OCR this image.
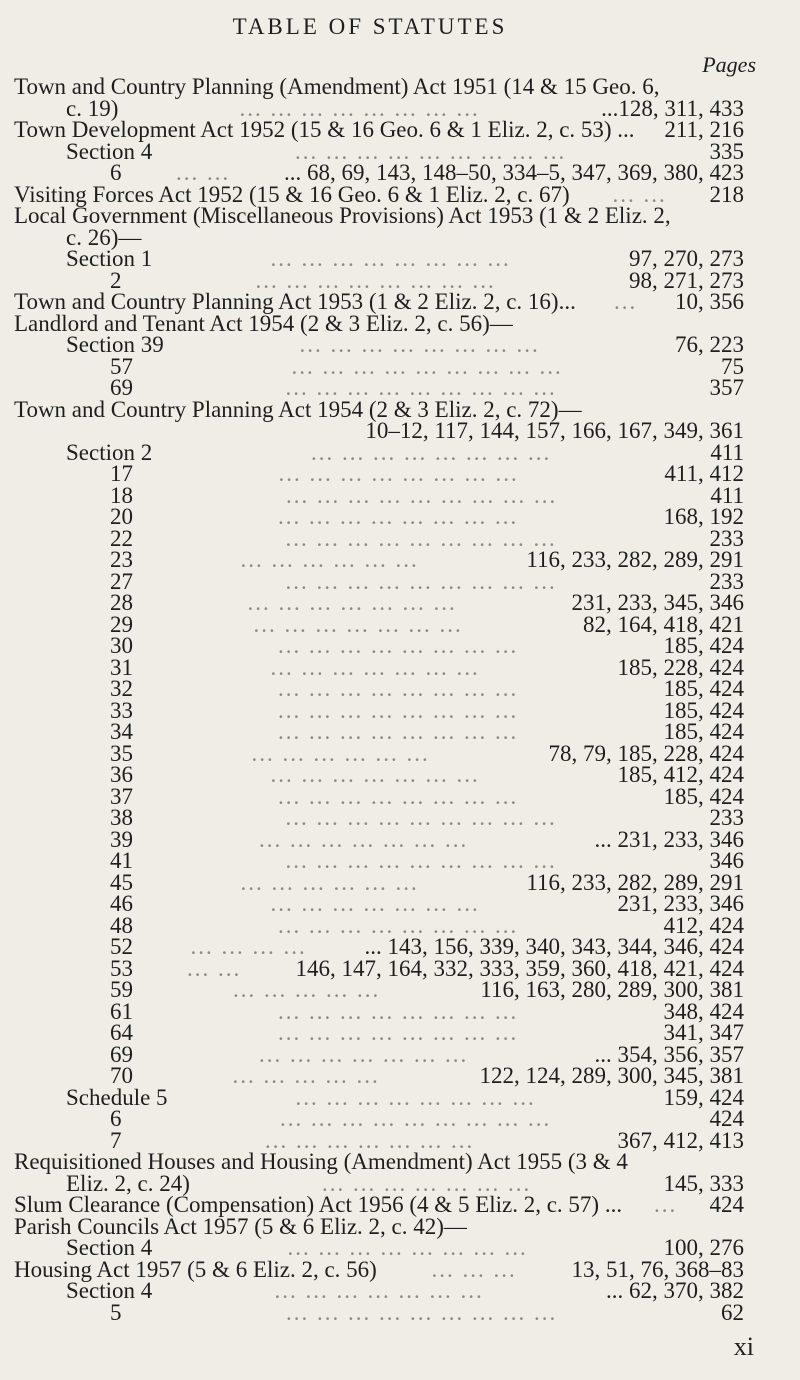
TABLE OF STATUTES
Pages
Town and Country Planning (Amendment) Act 1951 (14 & 15 Geo. 6,
c. 19)	... ... ... ... ... ... ... ...	...128, 311, 433
Town Development Act 1952 (15 & 16 Geo. 6 & 1 Eliz. 2, c. 53) ... 211, 216
Section 4	... ... ... ... ... ... ... ... ...	335
6 ... ... ... 68, 69, 143, 148–50, 334–5, 347, 369, 380, 423
Visiting Forces Act 1952 (15 & 16 Geo. 6 & 1 Eliz. 2, c. 67) ... ... 218
Local Government (Miscellaneous Provisions) Act 1953 (1 & 2 Eliz. 2,
c. 26)—
Section 1	... ... ... ... ... ... ... ...	97, 270, 273
2	... ... ... ... ... ... ... ...	98, 271, 273
Town and Country Planning Act 1953 (1 & 2 Eliz. 2, c. 16)... ... 10, 356
Landlord and Tenant Act 1954 (2 & 3 Eliz. 2, c. 56)—
Section 39	... ... ... ... ... ... ... ...	76, 223
57	... ... ... ... ... ... ... ... ...	75
69	... ... ... ... ... ... ... ... ...	357
Town and Country Planning Act 1954 (2 & 3 Eliz. 2, c. 72)—
10–12, 117, 144, 157, 166, 167, 349, 361
Section 2	... ... ... ... ... ... ... ...	411
17	... ... ... ... ... ... ... ...	411, 412
18	... ... ... ... ... ... ... ... ...	411
20	... ... ... ... ... ... ... ...	168, 192
22	... ... ... ... ... ... ... ... ...	233
23	... ... ... ... ... ...	116, 233, 282, 289, 291
27	... ... ... ... ... ... ... ... ...	233
28	... ... ... ... ... ... ...	231, 233, 345, 346
29	... ... ... ... ... ... ...	82, 164, 418, 421
30	... ... ... ... ... ... ... ...	185, 424
31	... ... ... ... ... ... ...	185, 228, 424
32	... ... ... ... ... ... ... ...	185, 424
33	... ... ... ... ... ... ... ...	185, 424
34	... ... ... ... ... ... ... ...	185, 424
35	... ... ... ... ... ...	78, 79, 185, 228, 424
36	... ... ... ... ... ... ...	185, 412, 424
37	... ... ... ... ... ... ... ...	185, 424
38	... ... ... ... ... ... ... ... ...	233
39	... ... ... ... ... ... ...	... 231, 233, 346
41	... ... ... ... ... ... ... ... ...	346
45	... ... ... ... ... ...	116, 233, 282, 289, 291
46	... ... ... ... ... ... ...	231, 233, 346
48	... ... ... ... ... ... ... ...	412, 424
52	... ... ... ...	... 143, 156, 339, 340, 343, 344, 346, 424
53 ... ... 146, 147, 164, 332, 333, 359, 360, 418, 421, 424
59	... ... ... ... ...	116, 163, 280, 289, 300, 381
61	... ... ... ... ... ... ... ...	348, 424
64	... ... ... ... ... ... ... ...	341, 347
69	... ... ... ... ... ... ...	... 354, 356, 357
70	... ... ... ... ...	122, 124, 289, 300, 345, 381
Schedule 5	... ... ... ... ... ... ... ...	159, 424
6	... ... ... ... ... ... ... ... ...	424
7	... ... ... ... ... ... ...	367, 412, 413
Requisitioned Houses and Housing (Amendment) Act 1955 (3 & 4
Eliz. 2, c. 24)	... ... ... ... ... ... ...	145, 333
Slum Clearance (Compensation) Act 1956 (4 & 5 Eliz. 2, c. 57) ... ... 424
Parish Councils Act 1957 (5 & 6 Eliz. 2, c. 42)—
Section 4	... ... ... ... ... ... ... ...	100, 276
Housing Act 1957 (5 & 6 Eliz. 2, c. 56) ... ... ... 13, 51, 76, 368–83
Section 4	... ... ... ... ... ... ...	... 62, 370, 382
5	... ... ... ... ... ... ... ... ...	62
xi
